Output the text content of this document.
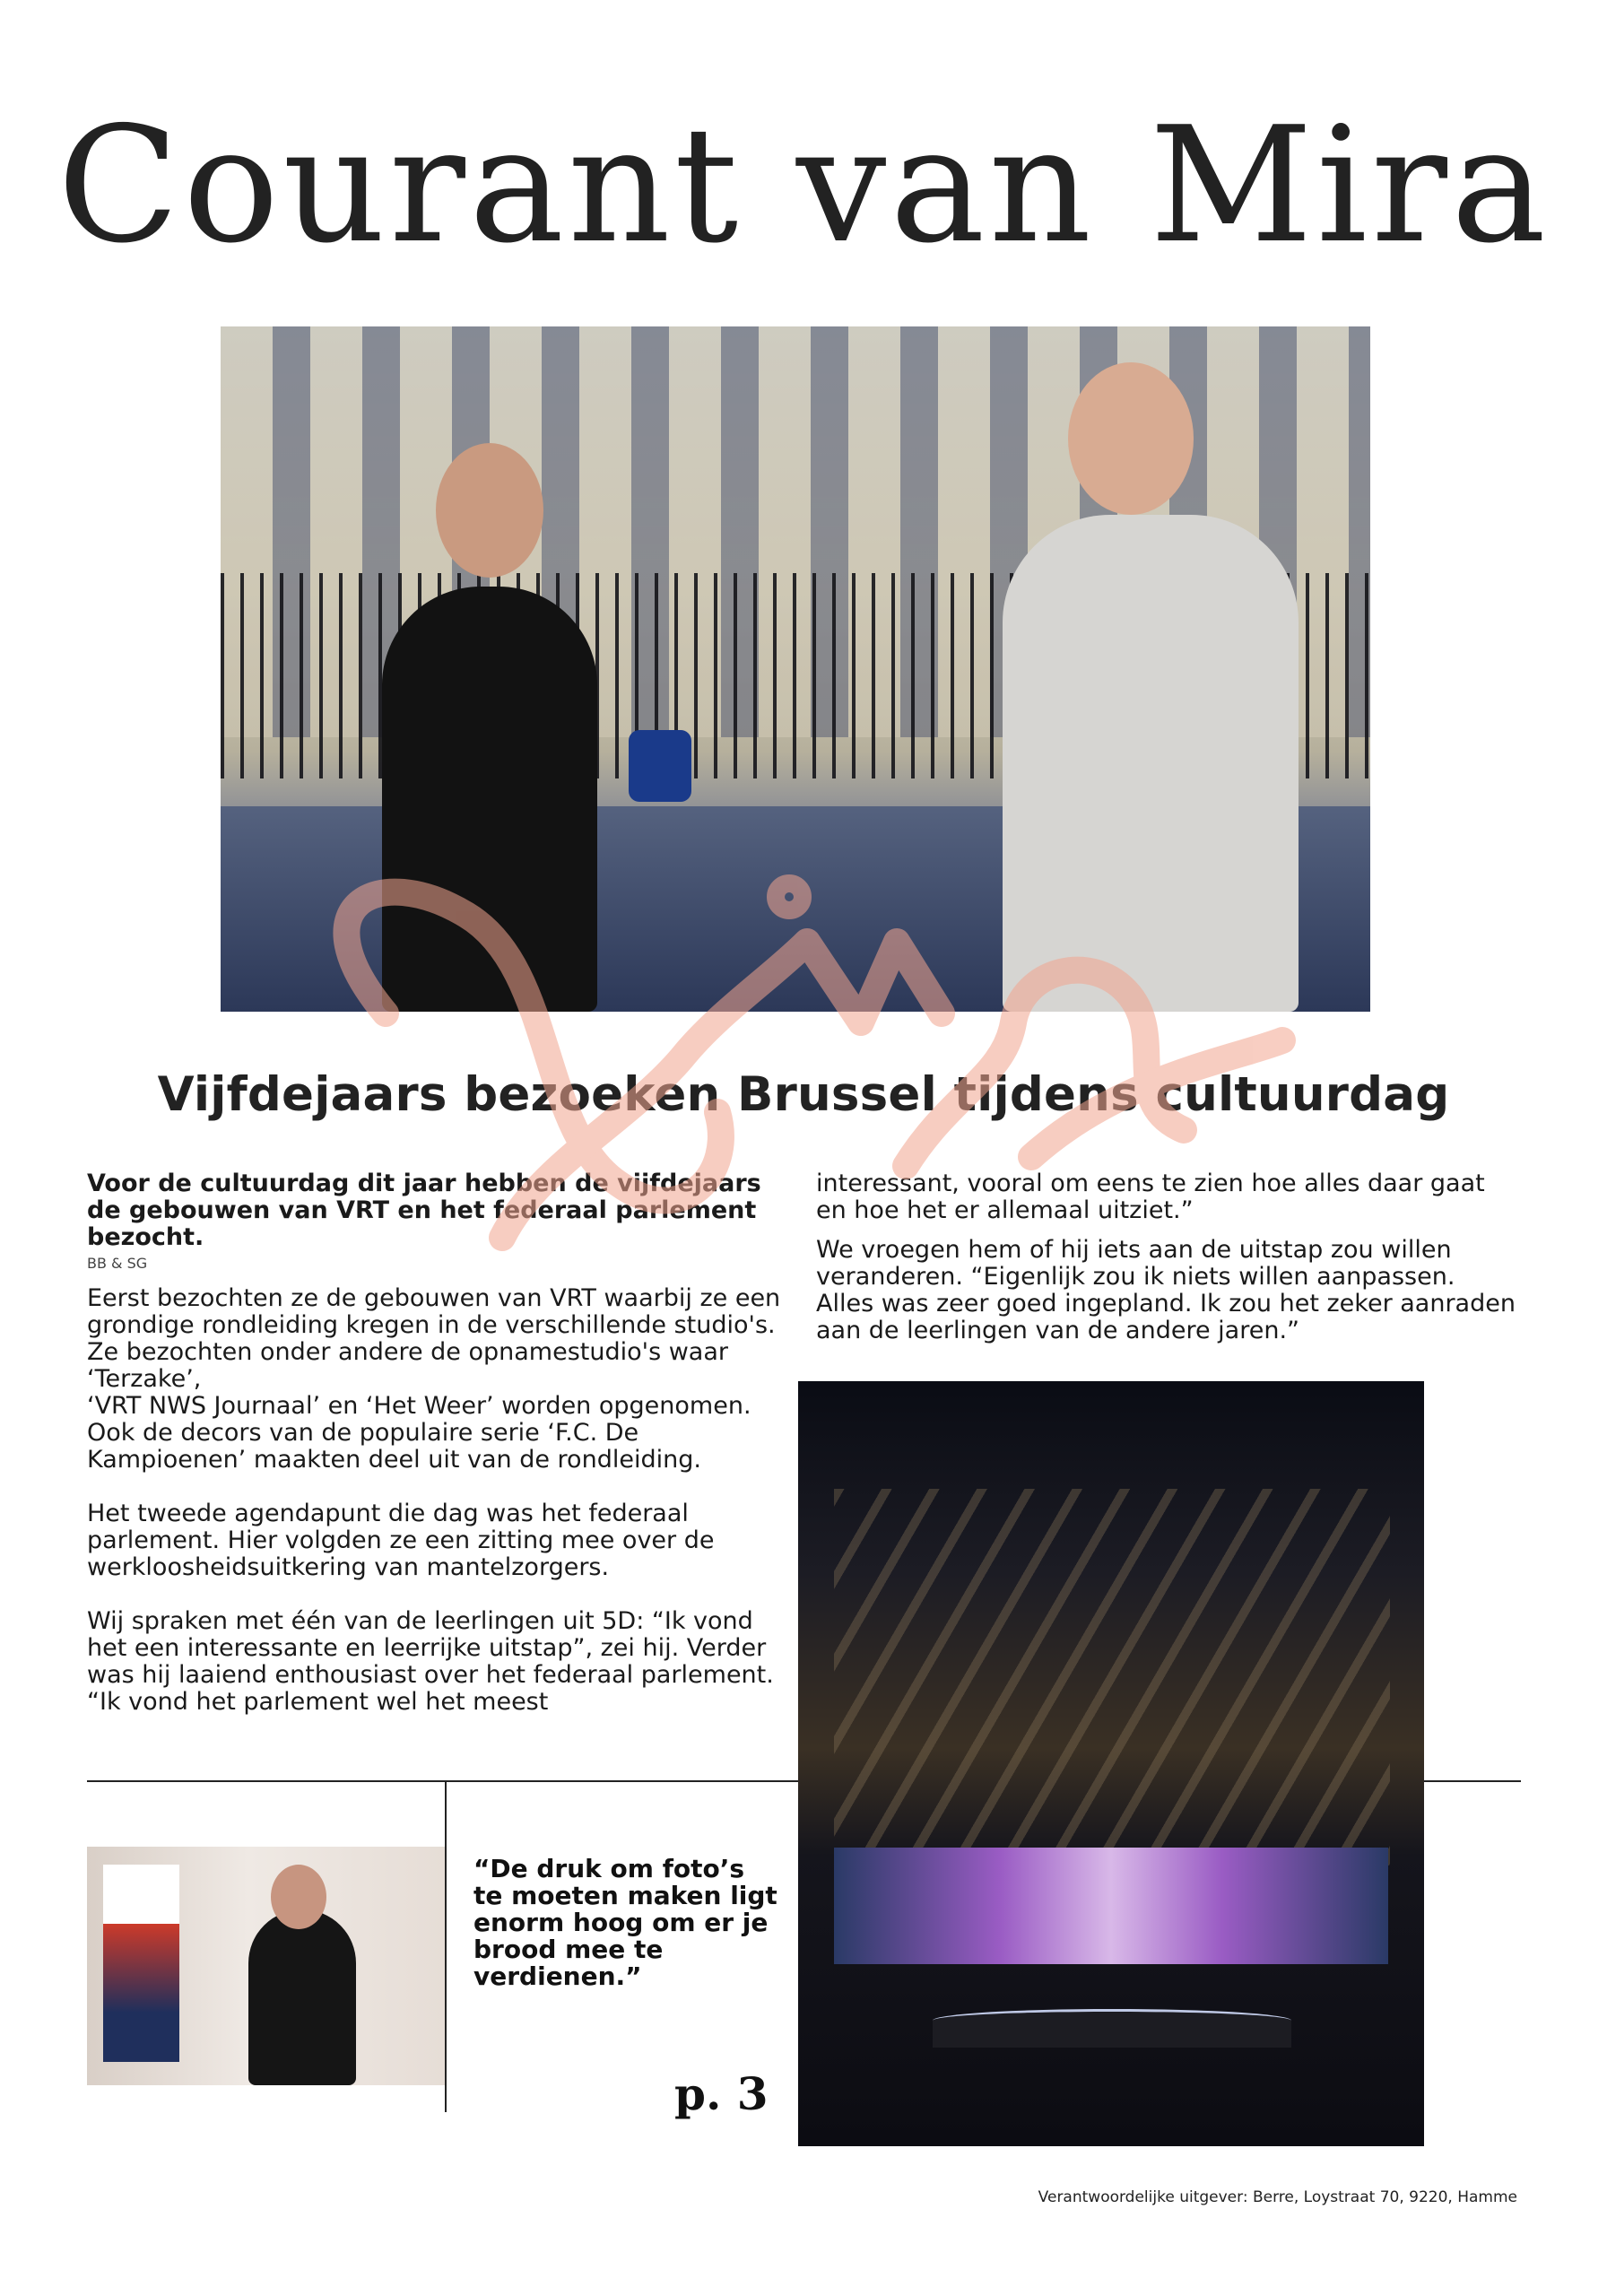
Courant van Mira
Vijfdejaars bezoeken Brussel tijdens cultuurdag

Voor de cultuurdag dit jaar hebben de vijfdejaars de gebouwen van VRT en het federaal parlement bezocht.

BB & SG

Eerst bezochten ze de gebouwen van VRT waarbij ze een grondige rondleiding kregen in de verschillende studio's. Ze bezochten onder andere de opnamestudio's waar ‘Terzake’,
‘VRT NWS Journaal’ en ‘Het Weer’ worden opgenomen. Ook de decors van de populaire serie ‘F.C. De Kampioenen’ maakten deel uit van de rondleiding.

Het tweede agendapunt die dag was het federaal parlement. Hier volgden ze een zitting mee over de werkloosheidsuitkering van mantelzorgers.

Wij spraken met één van de leerlingen uit 5D: “Ik vond het een interessante en leerrijke uitstap”, zei hij. Verder was hij laaiend enthousiast over het federaal parlement. “Ik vond het parlement wel het meest

interessant, vooral om eens te zien hoe alles daar gaat en hoe het er allemaal uitziet.”

We vroegen hem of hij iets aan de uitstap zou willen veranderen. “Eigenlijk zou ik niets willen aanpassen. Alles was zeer goed ingepland. Ik zou het zeker aanraden aan de leerlingen van de andere jaren.”

“De druk om foto’s te moeten maken ligt enorm hoog om er je brood mee te verdienen.”
p. 3
Verantwoordelijke uitgever: Berre, Loystraat 70, 9220, Hamme
